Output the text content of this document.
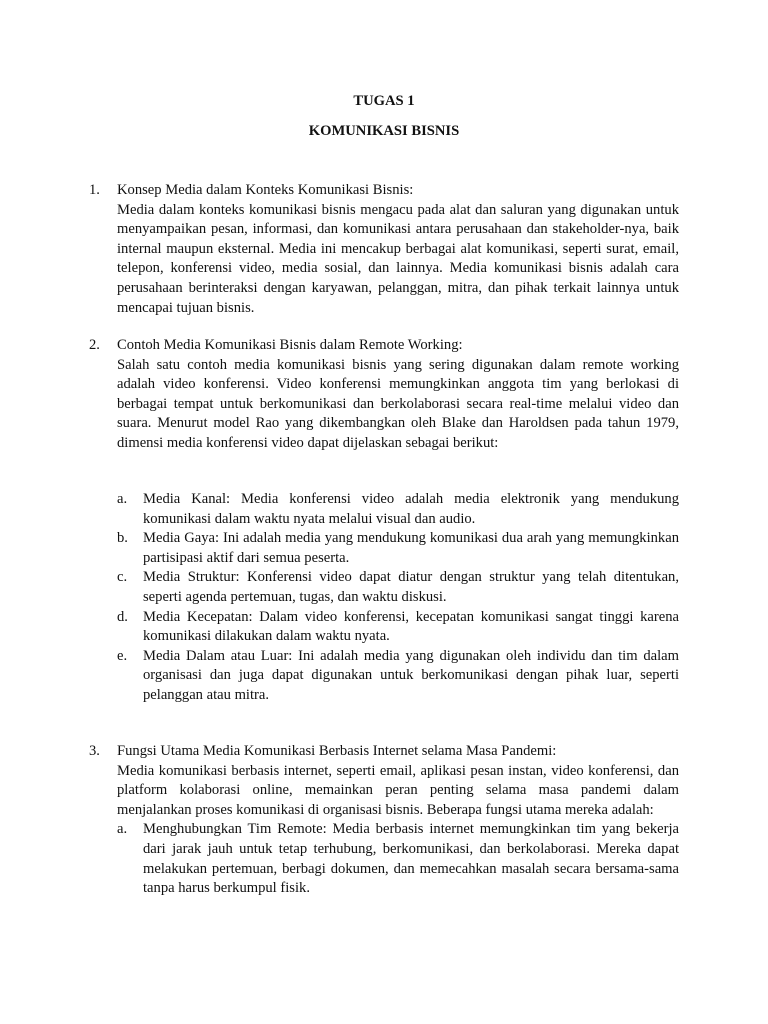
TUGAS 1
KOMUNIKASI BISNIS
1.	Konsep Media dalam Konteks Komunikasi Bisnis:
Media dalam konteks komunikasi bisnis mengacu pada alat dan saluran yang digunakan untuk menyampaikan pesan, informasi, dan komunikasi antara perusahaan dan stakeholder-nya, baik internal maupun eksternal. Media ini mencakup berbagai alat komunikasi, seperti surat, email, telepon, konferensi video, media sosial, dan lainnya. Media komunikasi bisnis adalah cara perusahaan berinteraksi dengan karyawan, pelanggan, mitra, dan pihak terkait lainnya untuk mencapai tujuan bisnis.
2.	Contoh Media Komunikasi Bisnis dalam Remote Working:
Salah satu contoh media komunikasi bisnis yang sering digunakan dalam remote working adalah video konferensi. Video konferensi memungkinkan anggota tim yang berlokasi di berbagai tempat untuk berkomunikasi dan berkolaborasi secara real-time melalui video dan suara. Menurut model Rao yang dikembangkan oleh Blake dan Haroldsen pada tahun 1979, dimensi media konferensi video dapat dijelaskan sebagai berikut:
a.	Media Kanal: Media konferensi video adalah media elektronik yang mendukung komunikasi dalam waktu nyata melalui visual dan audio.
b.	Media Gaya: Ini adalah media yang mendukung komunikasi dua arah yang memungkinkan partisipasi aktif dari semua peserta.
c.	Media Struktur: Konferensi video dapat diatur dengan struktur yang telah ditentukan, seperti agenda pertemuan, tugas, dan waktu diskusi.
d.	Media Kecepatan: Dalam video konferensi, kecepatan komunikasi sangat tinggi karena komunikasi dilakukan dalam waktu nyata.
e.	Media Dalam atau Luar: Ini adalah media yang digunakan oleh individu dan tim dalam organisasi dan juga dapat digunakan untuk berkomunikasi dengan pihak luar, seperti pelanggan atau mitra.
3.	Fungsi Utama Media Komunikasi Berbasis Internet selama Masa Pandemi:
Media komunikasi berbasis internet, seperti email, aplikasi pesan instan, video konferensi, dan platform kolaborasi online, memainkan peran penting selama masa pandemi dalam menjalankan proses komunikasi di organisasi bisnis. Beberapa fungsi utama mereka adalah:
a.	Menghubungkan Tim Remote: Media berbasis internet memungkinkan tim yang bekerja dari jarak jauh untuk tetap terhubung, berkomunikasi, dan berkolaborasi. Mereka dapat melakukan pertemuan, berbagi dokumen, dan memecahkan masalah secara bersama-sama tanpa harus berkumpul fisik.
